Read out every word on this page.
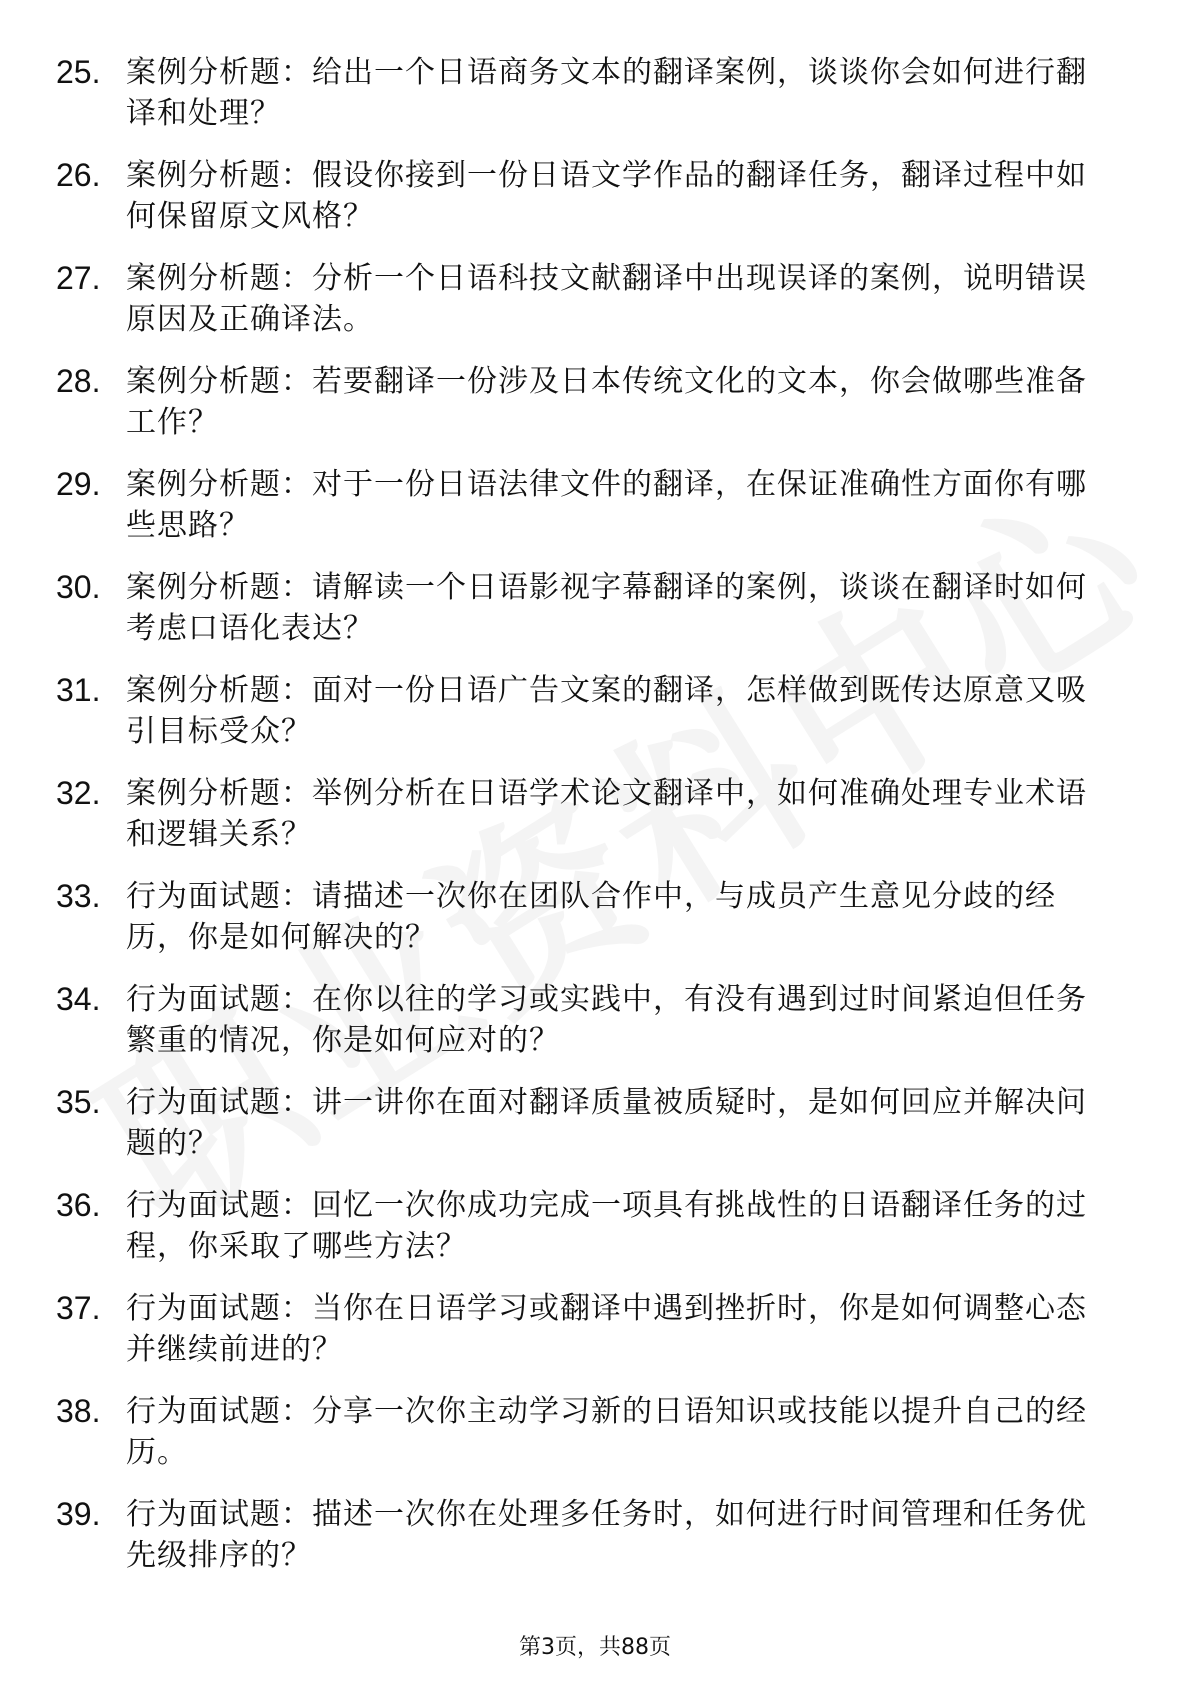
25. 案例分析题：给出一个日语商务文本的翻译案例，谈谈你会如何进行翻译和处理？
26. 案例分析题：假设你接到一份日语文学作品的翻译任务，翻译过程中如何保留原文风格？
27. 案例分析题：分析一个日语科技文献翻译中出现误译的案例，说明错误原因及正确译法。
28. 案例分析题：若要翻译一份涉及日本传统文化的文本，你会做哪些准备工作？
29. 案例分析题：对于一份日语法律文件的翻译，在保证准确性方面你有哪些思路？
30. 案例分析题：请解读一个日语影视字幕翻译的案例，谈谈在翻译时如何考虑口语化表达？
31. 案例分析题：面对一份日语广告文案的翻译，怎样做到既传达原意又吸引目标受众？
32. 案例分析题：举例分析在日语学术论文翻译中，如何准确处理专业术语和逻辑关系？
33. 行为面试题：请描述一次你在团队合作中，与成员产生意见分歧的经历，你是如何解决的？
34. 行为面试题：在你以往的学习或实践中，有没有遇到过时间紧迫但任务繁重的情况，你是如何应对的？
35. 行为面试题：讲一讲你在面对翻译质量被质疑时，是如何回应并解决问题的？
36. 行为面试题：回忆一次你成功完成一项具有挑战性的日语翻译任务的过程，你采取了哪些方法？
37. 行为面试题：当你在日语学习或翻译中遇到挫折时，你是如何调整心态并继续前进的？
38. 行为面试题：分享一次你主动学习新的日语知识或技能以提升自己的经历。
39. 行为面试题：描述一次你在处理多任务时，如何进行时间管理和任务优先级排序的？
第3页，共88页
